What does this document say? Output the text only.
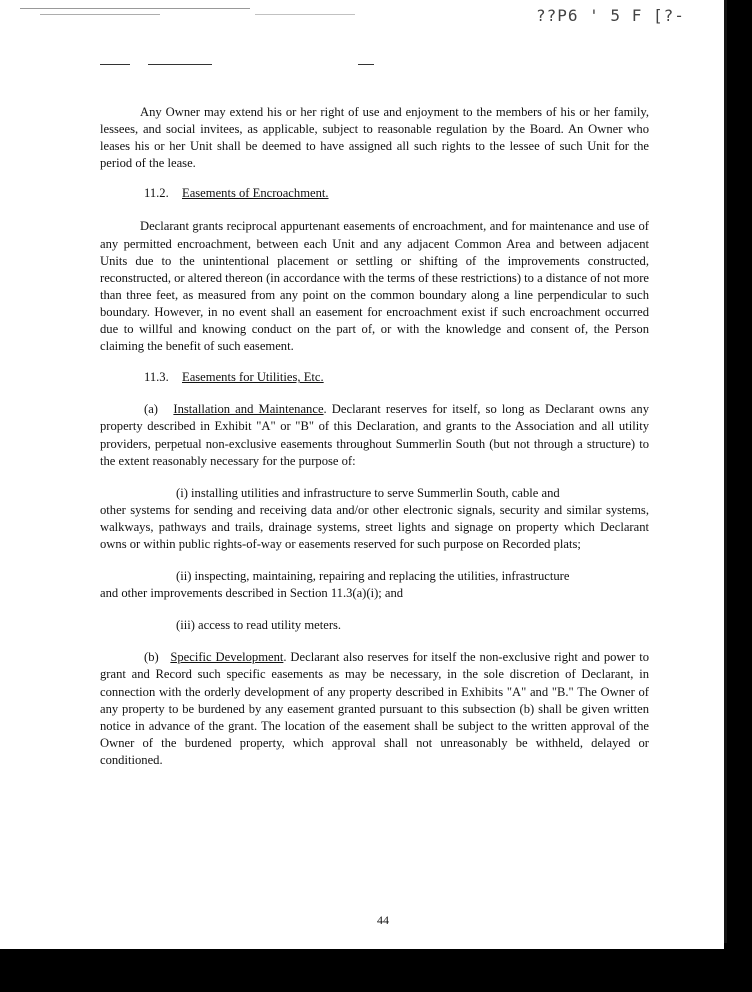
??P6 ' 5 F [?-

Any Owner may extend his or her right of use and enjoyment to the members of his or her family, lessees, and social invitees, as applicable, subject to reasonable regulation by the Board. An Owner who leases his or her Unit shall be deemed to have assigned all such rights to the lessee of such Unit for the period of the lease.

11.2. Easements of Encroachment.

Declarant grants reciprocal appurtenant easements of encroachment, and for maintenance and use of any permitted encroachment, between each Unit and any adjacent Common Area and between adjacent Units due to the unintentional placement or settling or shifting of the improvements constructed, reconstructed, or altered thereon (in accordance with the terms of these restrictions) to a distance of not more than three feet, as measured from any point on the common boundary along a line perpendicular to such boundary. However, in no event shall an easement for encroachment exist if such encroachment occurred due to willful and knowing conduct on the part of, or with the knowledge and consent of, the Person claiming the benefit of such easement.

11.3. Easements for Utilities, Etc.

(a) Installation and Maintenance. Declarant reserves for itself, so long as Declarant owns any property described in Exhibit "A" or "B" of this Declaration, and grants to the Association and all utility providers, perpetual non-exclusive easements throughout Summerlin South (but not through a structure) to the extent reasonably necessary for the purpose of:

(i) installing utilities and infrastructure to serve Summerlin South, cable and
other systems for sending and receiving data and/or other electronic signals, security and similar systems, walkways, pathways and trails, drainage systems, street lights and signage on property which Declarant owns or within public rights-of-way or easements reserved for such purpose on Recorded plats;

(ii) inspecting, maintaining, repairing and replacing the utilities, infrastructure
and other improvements described in Section 11.3(a)(i); and

(iii) access to read utility meters.

(b) Specific Development. Declarant also reserves for itself the non-exclusive right and power to grant and Record such specific easements as may be necessary, in the sole discretion of Declarant, in connection with the orderly development of any property described in Exhibits "A" and "B." The Owner of any property to be burdened by any easement granted pursuant to this subsection (b) shall be given written notice in advance of the grant. The location of the easement shall be subject to the written approval of the Owner of the burdened property, which approval shall not unreasonably be withheld, delayed or conditioned.

44
